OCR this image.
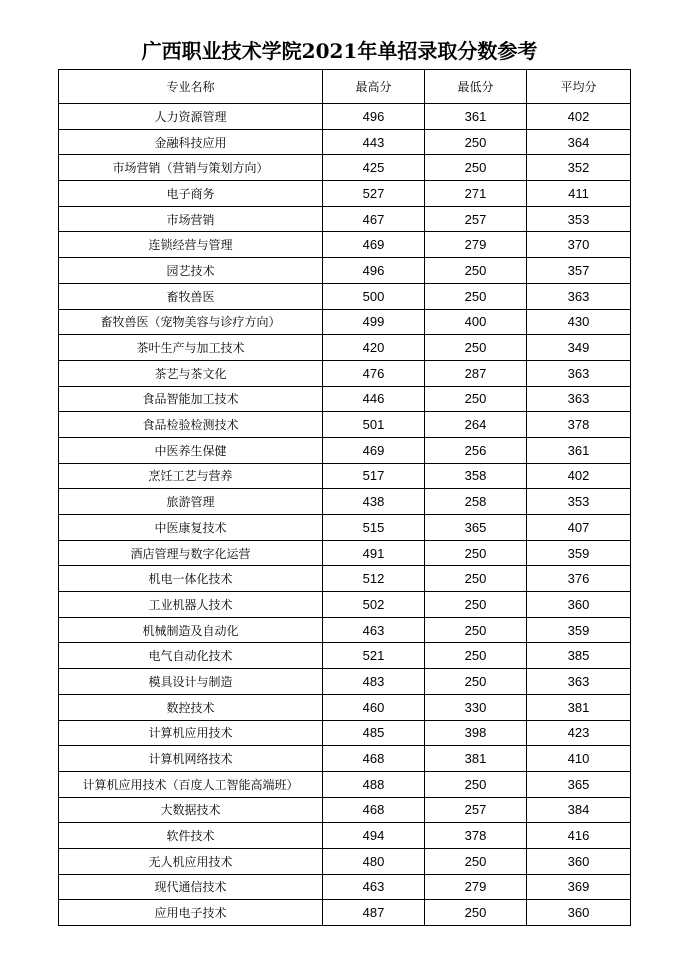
广西职业技术学院2021年单招录取分数参考
专业名称	最高分	最低分	平均分
人力资源管理	496	361	402
金融科技应用	443	250	364
市场营销（营销与策划方向）	425	250	352
电子商务	527	271	411
市场营销	467	257	353
连锁经营与管理	469	279	370
园艺技术	496	250	357
畜牧兽医	500	250	363
畜牧兽医（宠物美容与诊疗方向）	499	400	430
茶叶生产与加工技术	420	250	349
茶艺与茶文化	476	287	363
食品智能加工技术	446	250	363
食品检验检测技术	501	264	378
中医养生保健	469	256	361
烹饪工艺与营养	517	358	402
旅游管理	438	258	353
中医康复技术	515	365	407
酒店管理与数字化运营	491	250	359
机电一体化技术	512	250	376
工业机器人技术	502	250	360
机械制造及自动化	463	250	359
电气自动化技术	521	250	385
模具设计与制造	483	250	363
数控技术	460	330	381
计算机应用技术	485	398	423
计算机网络技术	468	381	410
计算机应用技术（百度人工智能高端班）	488	250	365
大数据技术	468	257	384
软件技术	494	378	416
无人机应用技术	480	250	360
现代通信技术	463	279	369
应用电子技术	487	250	360
